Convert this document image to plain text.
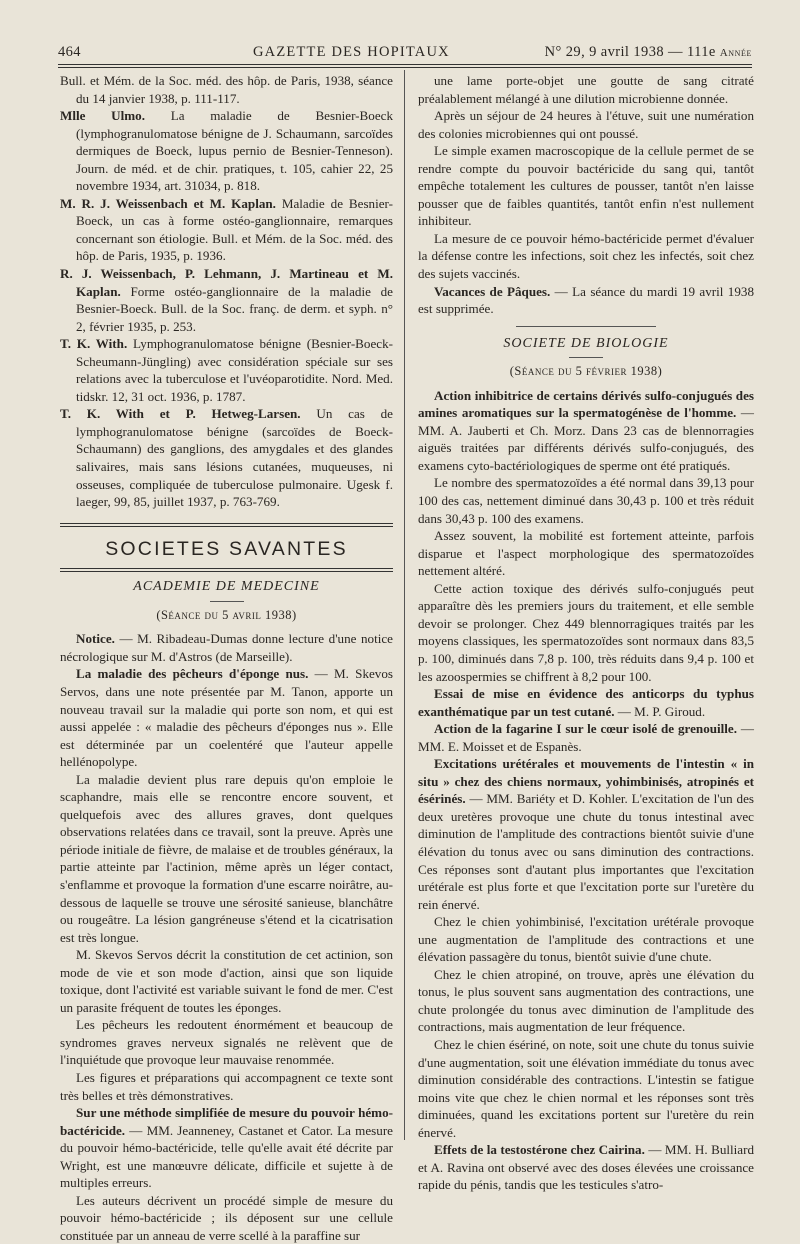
464	GAZETTE DES HOPITAUX	N° 29, 9 avril 1938 — 111e Année

Bull. et Mém. de la Soc. méd. des hôp. de Paris, 1938, séance du 14 janvier 1938, p. 111-117.

Mlle Ulmo. La maladie de Besnier-Boeck (lymphogranulomatose bénigne de J. Schaumann, sarcoïdes dermiques de Boeck, lupus pernio de Besnier-Tenneson). Journ. de méd. et de chir. pratiques, t. 105, cahier 22, 25 novembre 1934, art. 31034, p. 818.

M. R. J. Weissenbach et M. Kaplan. Maladie de Besnier-Boeck, un cas à forme ostéo-ganglionnaire, remarques concernant son étiologie. Bull. et Mém. de la Soc. méd. des hôp. de Paris, 1935, p. 1936.

R. J. Weissenbach, P. Lehmann, J. Martineau et M. Kaplan. Forme ostéo-ganglionnaire de la maladie de Besnier-Boeck. Bull. de la Soc. franç. de derm. et syph. n° 2, février 1935, p. 253.

T. K. With. Lymphogranulomatose bénigne (Besnier-Boeck-Scheumann-Jüngling) avec considération spéciale sur ses relations avec la tuberculose et l'uvéoparotidite. Nord. Med. tidskr. 12, 31 oct. 1936, p. 1787.

T. K. With et P. Hetweg-Larsen. Un cas de lymphogranulomatose bénigne (sarcoïdes de Boeck-Schaumann) des ganglions, des amygdales et des glandes salivaires, mais sans lésions cutanées, muqueuses, ni osseuses, compliquée de tuberculose pulmonaire. Ugesk f. laeger, 99, 85, juillet 1937, p. 763-769.

SOCIETES SAVANTES
ACADEMIE DE MEDECINE
(Séance du 5 avril 1938)

Notice. — M. Ribadeau-Dumas donne lecture d'une notice nécrologique sur M. d'Astros (de Marseille).

La maladie des pêcheurs d'éponge nus. — M. Skevos Servos, dans une note présentée par M. Tanon, apporte un nouveau travail sur la maladie qui porte son nom, et qui est aussi appelée : « maladie des pêcheurs d'éponges nus ». Elle est déterminée par un coelentéré que l'auteur appelle hellénopolype.

La maladie devient plus rare depuis qu'on emploie le scaphandre, mais elle se rencontre encore souvent, et quelquefois avec des allures graves, dont quelques observations relatées dans ce travail, sont la preuve. Après une période initiale de fièvre, de malaise et de troubles généraux, la partie atteinte par l'actinion, même après un léger contact, s'enflamme et provoque la formation d'une escarre noirâtre, au-dessous de laquelle se trouve une sérosité sanieuse, blanchâtre ou rougeâtre. La lésion gangréneuse s'étend et la cicatrisation est très longue.

M. Skevos Servos décrit la constitution de cet actinion, son mode de vie et son mode d'action, ainsi que son liquide toxique, dont l'activité est variable suivant le fond de mer. C'est un parasite fréquent de toutes les éponges.

Les pêcheurs les redoutent énormément et beaucoup de syndromes graves nerveux signalés ne relèvent que de l'inquiétude que provoque leur mauvaise renommée.

Les figures et préparations qui accompagnent ce texte sont très belles et très démonstratives.

Sur une méthode simplifiée de mesure du pouvoir hémo-bactéricide. — MM. Jeanneney, Castanet et Cator. La mesure du pouvoir hémo-bactéricide, telle qu'elle avait été décrite par Wright, est une manœuvre délicate, difficile et sujette à de multiples erreurs.

Les auteurs décrivent un procédé simple de mesure du pouvoir hémo-bactéricide ; ils déposent sur une cellule constituée par un anneau de verre scellé à la paraffine sur

une lame porte-objet une goutte de sang citraté préalablement mélangé à une dilution microbienne donnée.

Après un séjour de 24 heures à l'étuve, suit une numération des colonies microbiennes qui ont poussé.

Le simple examen macroscopique de la cellule permet de se rendre compte du pouvoir bactéricide du sang qui, tantôt empêche totalement les cultures de pousser, tantôt n'en laisse pousser que de faibles quantités, tantôt enfin n'est nullement inhibiteur.

La mesure de ce pouvoir hémo-bactéricide permet d'évaluer la défense contre les infections, soit chez les infectés, soit chez des sujets vaccinés.

Vacances de Pâques. — La séance du mardi 19 avril 1938 est supprimée.

SOCIETE DE BIOLOGIE
(Séance du 5 février 1938)

Action inhibitrice de certains dérivés sulfo-conjugués des amines aromatiques sur la spermatogénèse de l'homme. — MM. A. Jauberti et Ch. Morz. Dans 23 cas de blennorragies aiguës traitées par différents dérivés sulfo-conjugués, des examens cyto-bactériologiques de sperme ont été pratiqués.

Le nombre des spermatozoïdes a été normal dans 39,13 pour 100 des cas, nettement diminué dans 30,43 p. 100 et très réduit dans 30,43 p. 100 des examens.

Assez souvent, la mobilité est fortement atteinte, parfois disparue et l'aspect morphologique des spermatozoïdes nettement altéré.

Cette action toxique des dérivés sulfo-conjugués peut apparaître dès les premiers jours du traitement, et elle semble devoir se prolonger. Chez 449 blennorragiques traités par les moyens classiques, les spermatozoïdes sont normaux dans 83,5 p. 100, diminués dans 7,8 p. 100, très réduits dans 9,4 p. 100 et les azoospermies se chiffrent à 8,2 pour 100.

Essai de mise en évidence des anticorps du typhus exanthématique par un test cutané. — M. P. Giroud.

Action de la fagarine I sur le cœur isolé de grenouille. — MM. E. Moisset et de Espanès.

Excitations urétérales et mouvements de l'intestin « in situ » chez des chiens normaux, yohimbinisés, atropinés et ésérinés. — MM. Bariéty et D. Kohler. L'excitation de l'un des deux uretères provoque une chute du tonus intestinal avec diminution de l'amplitude des contractions bientôt suivie d'une élévation du tonus avec ou sans diminution des contractions. Ces réponses sont d'autant plus importantes que l'excitation urétérale est plus forte et que l'excitation porte sur l'uretère du rein énervé.

Chez le chien yohimbinisé, l'excitation urétérale provoque une augmentation de l'amplitude des contractions et une élévation passagère du tonus, bientôt suivie d'une chute.

Chez le chien atropiné, on trouve, après une élévation du tonus, le plus souvent sans augmentation des contractions, une chute prolongée du tonus avec diminution de l'amplitude des contractions, mais augmentation de leur fréquence.

Chez le chien ésériné, on note, soit une chute du tonus suivie d'une augmentation, soit une élévation immédiate du tonus avec diminution considérable des contractions. L'intestin se fatigue moins vite que chez le chien normal et les réponses sont très diminuées, quand les excitations portent sur l'uretère du rein énervé.

Effets de la testostérone chez Cairina. — MM. H. Bulliard et A. Ravina ont observé avec des doses élevées une croissance rapide du pénis, tandis que les testicules s'atro-
